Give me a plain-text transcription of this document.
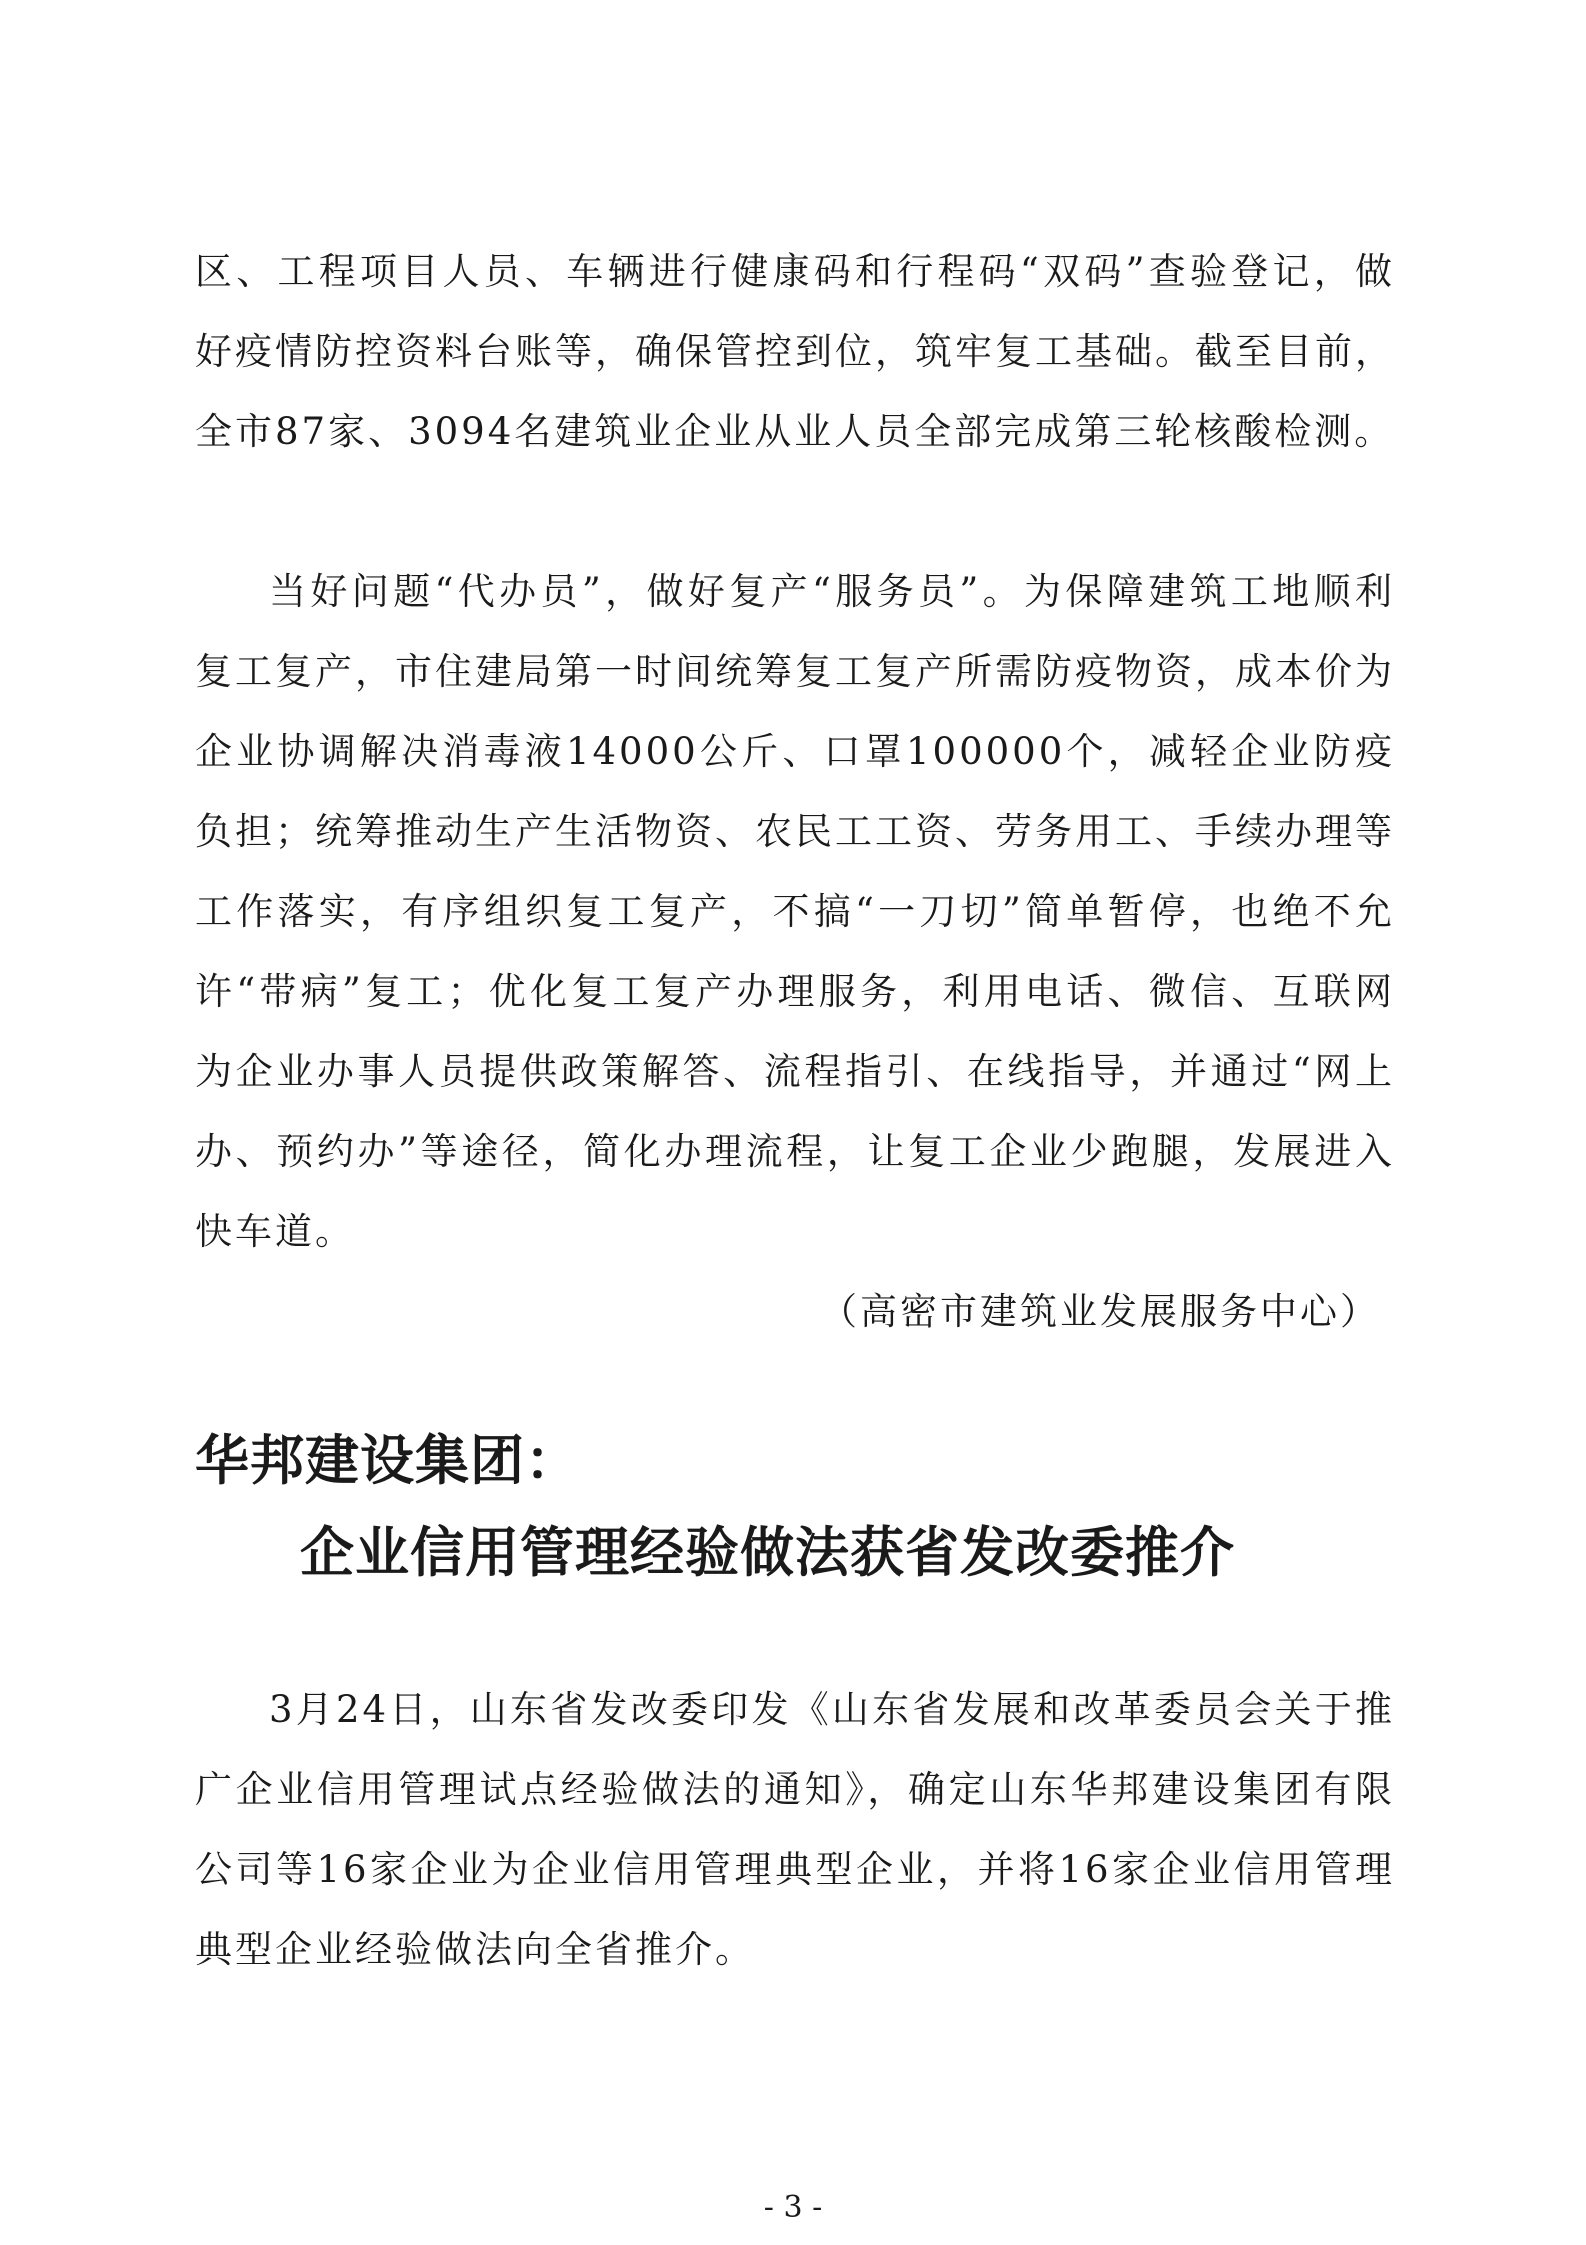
区、工程项目人员、车辆进行健康码和行程码“双码”查验登记，做好疫情防控资料台账等，确保管控到位，筑牢复工基础。截至目前，全市87家、3094名建筑业企业从业人员全部完成第三轮核酸检测。

当好问题“代办员”，做好复产“服务员”。为保障建筑工地顺利复工复产，市住建局第一时间统筹复工复产所需防疫物资，成本价为企业协调解决消毒液14000公斤、口罩100000个，减轻企业防疫负担；统筹推动生产生活物资、农民工工资、劳务用工、手续办理等工作落实，有序组织复工复产，不搞“一刀切”简单暂停，也绝不允许“带病”复工；优化复工复产办理服务，利用电话、微信、互联网为企业办事人员提供政策解答、流程指引、在线指导，并通过“网上办、预约办”等途径，简化办理流程，让复工企业少跑腿，发展进入快车道。

（高密市建筑业发展服务中心）

华邦建设集团：
企业信用管理经验做法获省发改委推介

3月24日，山东省发改委印发《山东省发展和改革委员会关于推广企业信用管理试点经验做法的通知》，确定山东华邦建设集团有限公司等16家企业为企业信用管理典型企业，并将16家企业信用管理典型企业经验做法向全省推介。

- 3 -
